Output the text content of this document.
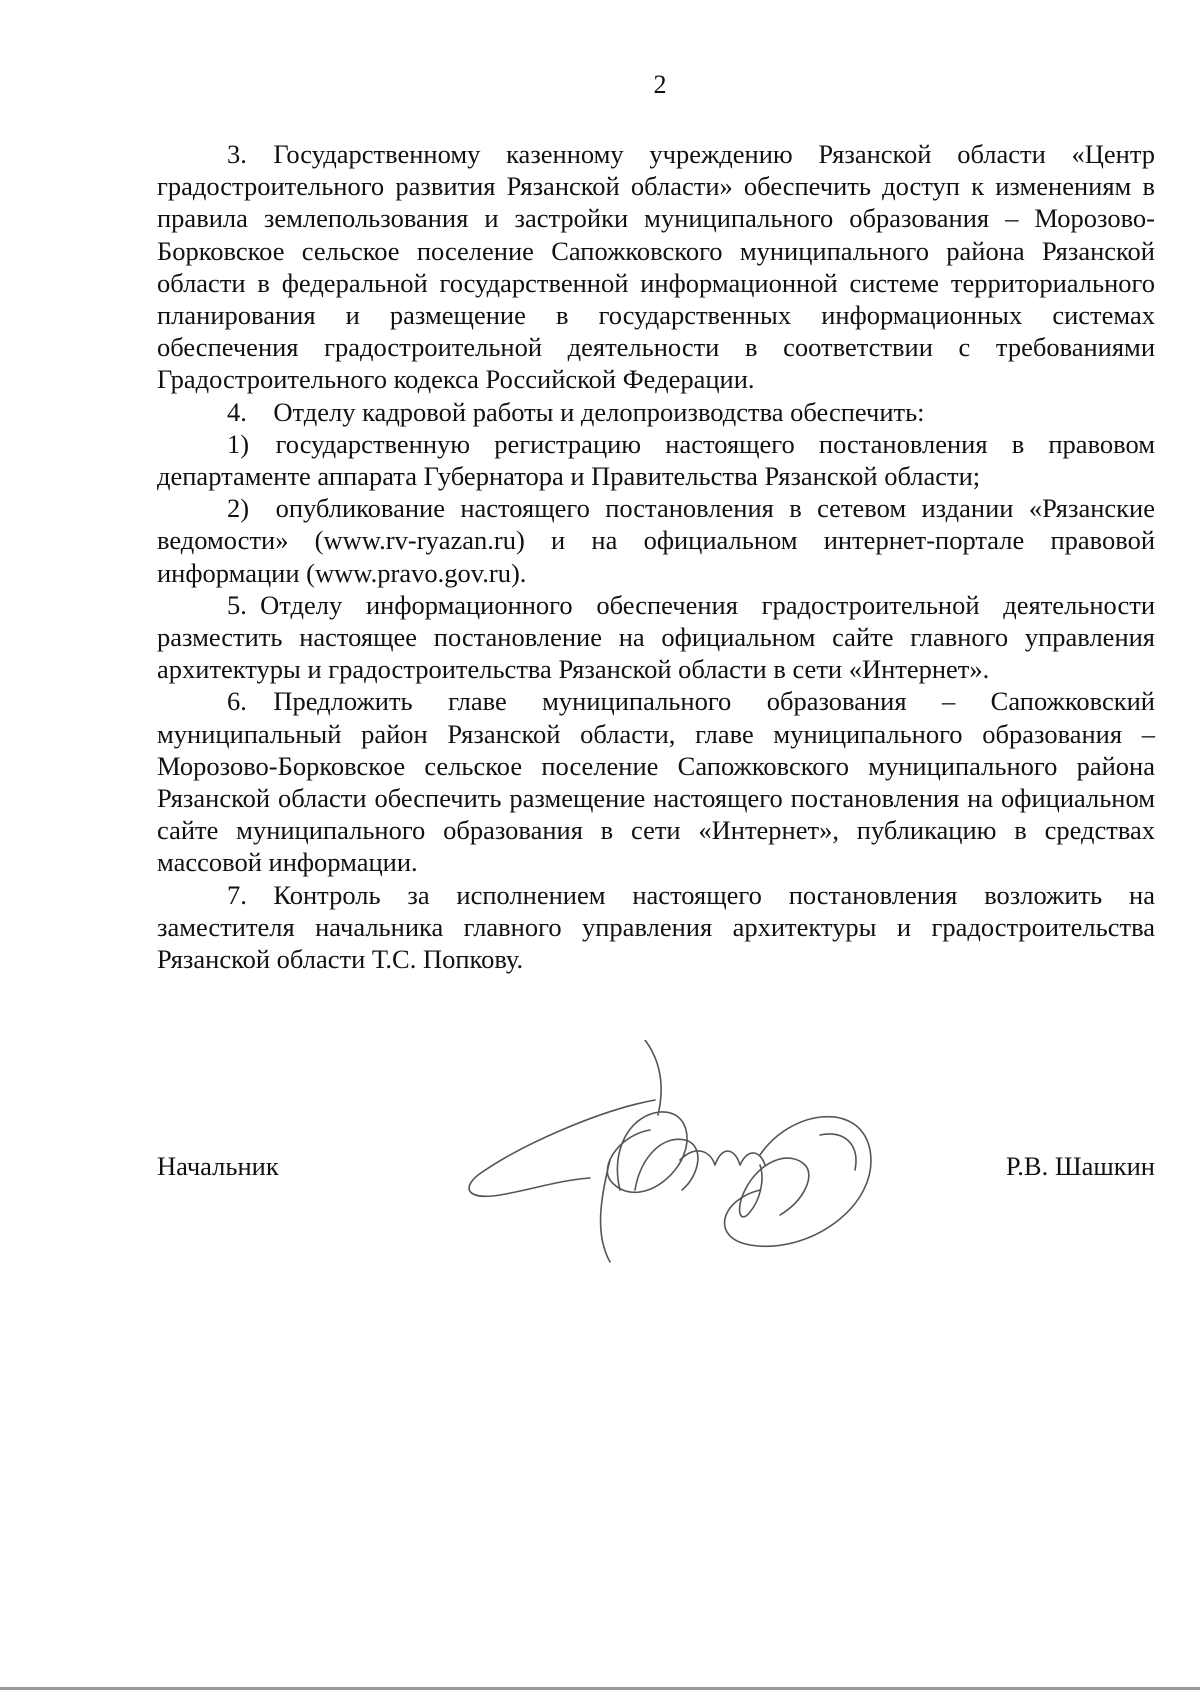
2

3. Государственному казенному учреждению Рязанской области «Центр градостроительного развития Рязанской области» обеспечить доступ к изменениям в правила землепользования и застройки муниципального образования – Морозово-Борковское сельское поселение Сапожковского муниципального района Рязанской области в федеральной государственной информационной системе территориального планирования и размещение в государственных информационных системах обеспечения градостроительной деятельности в соответствии с требованиями Градостроительного кодекса Российской Федерации.

4. Отделу кадровой работы и делопроизводства обеспечить:

1) государственную регистрацию настоящего постановления в правовом департаменте аппарата Губернатора и Правительства Рязанской области;

2) опубликование настоящего постановления в сетевом издании «Рязанские ведомости» (www.rv-ryazan.ru) и на официальном интернет-портале правовой информации (www.pravo.gov.ru).

5. Отделу информационного обеспечения градостроительной деятельности разместить настоящее постановление на официальном сайте главного управления архитектуры и градостроительства Рязанской области в сети «Интернет».

6. Предложить главе муниципального образования – Сапожковский муниципальный район Рязанской области, главе муниципального образования – Морозово-Борковское сельское поселение Сапожковского муниципального района Рязанской области обеспечить размещение настоящего постановления на официальном сайте муниципального образования в сети «Интернет», публикацию в средствах массовой информации.

7. Контроль за исполнением настоящего постановления возложить на заместителя начальника главного управления архитектуры и градостроительства Рязанской области Т.С. Попкову.

Начальник	Р.В. Шашкин
